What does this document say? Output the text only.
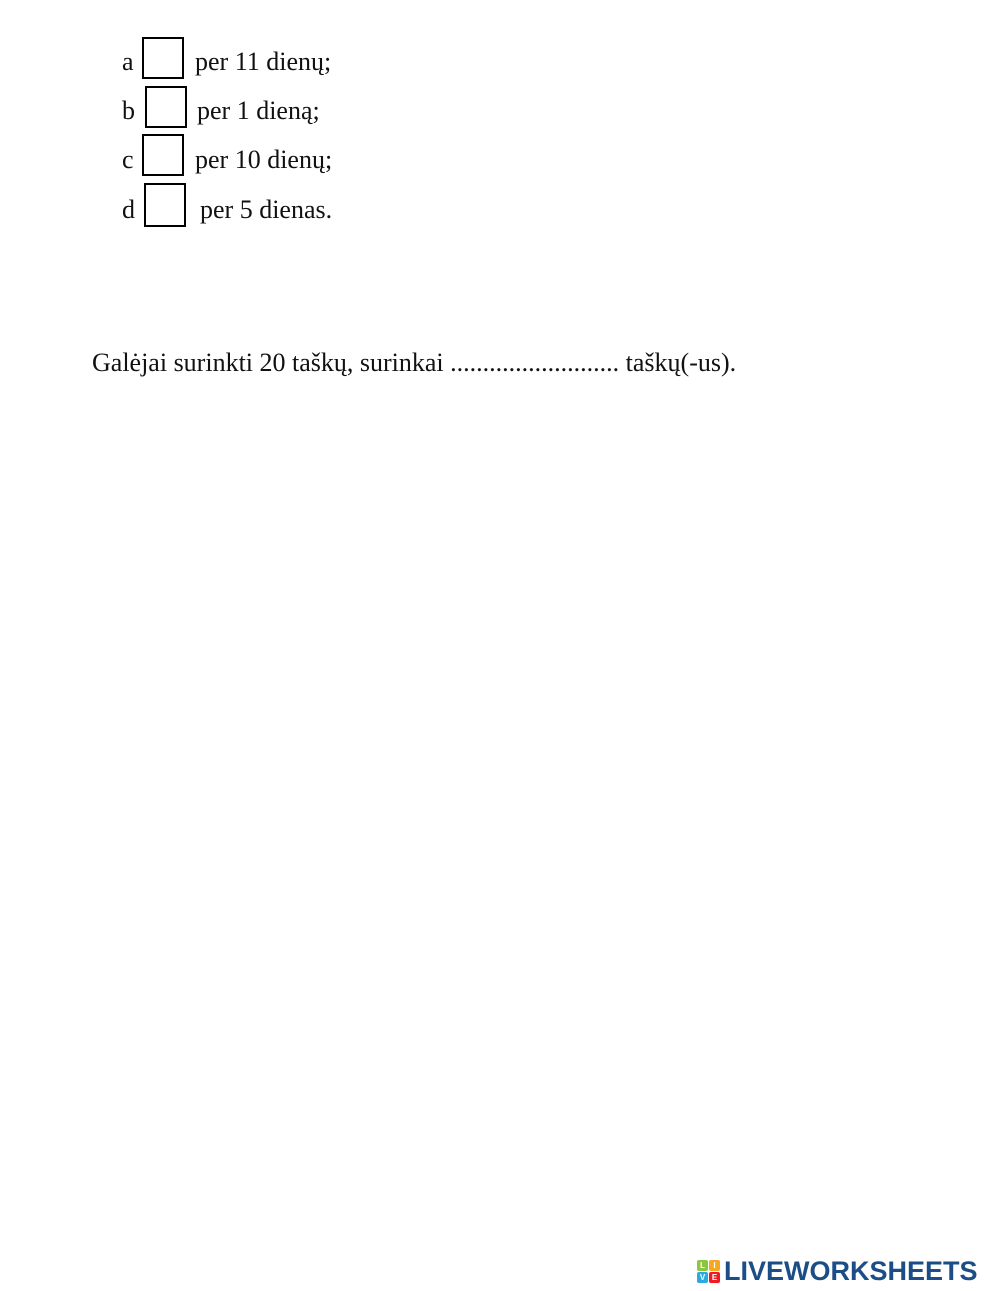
a per 11 dienų;
b per 1 dieną;
c per 10 dienų;
d	per 5 dienas.
Galėjai surinkti 20 taškų, surinkai .......................... taškų(-us).
L	I
V E LIVEWORKSHEETS
